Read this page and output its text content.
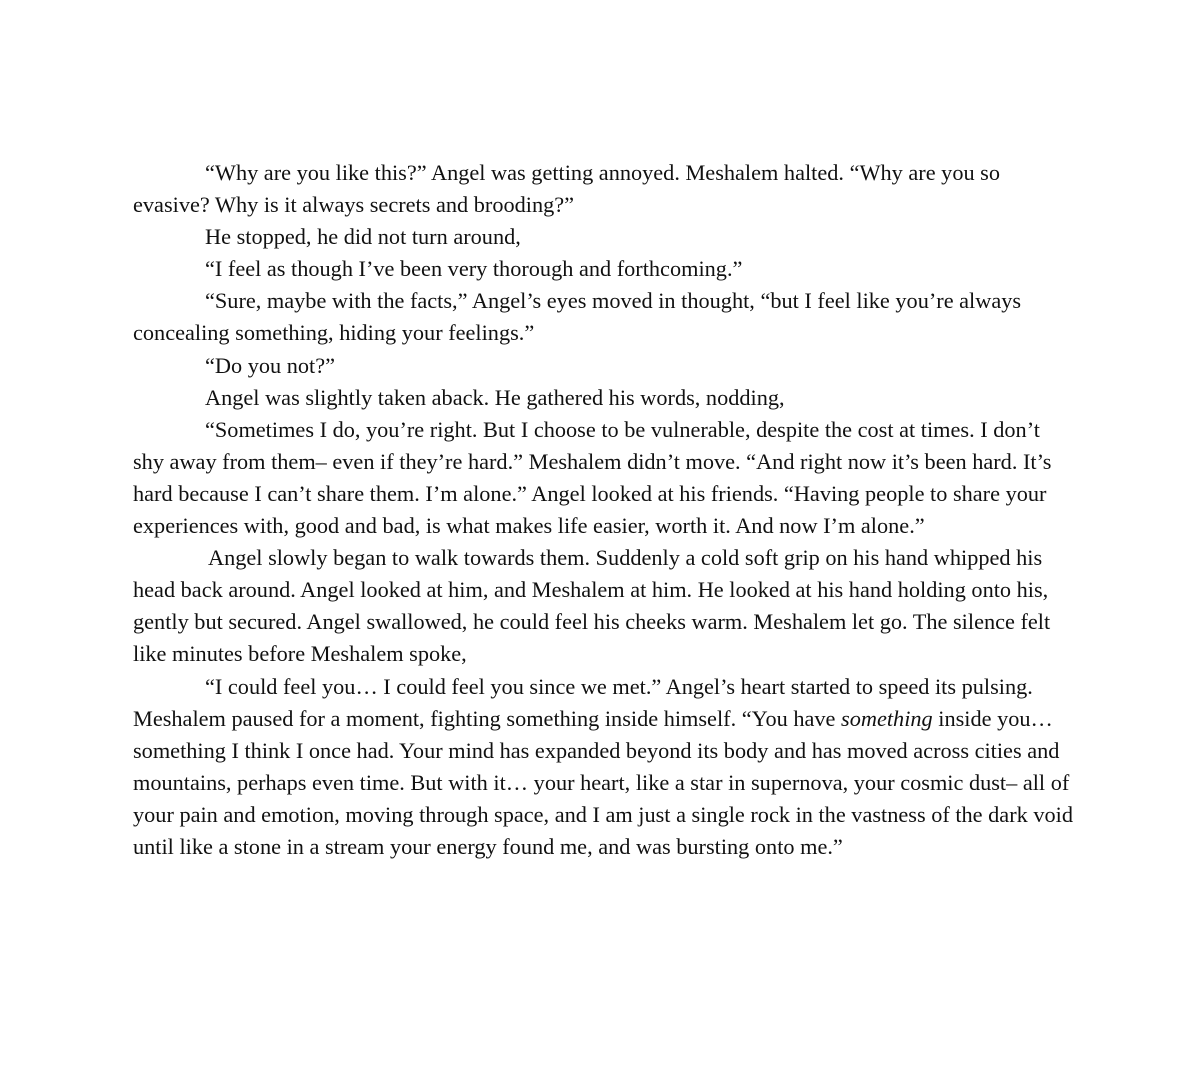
“Why are you like this?” Angel was getting annoyed. Meshalem halted. “Why are you so evasive? Why is it always secrets and brooding?”

He stopped, he did not turn around,

“I feel as though I’ve been very thorough and forthcoming.”

“Sure, maybe with the facts,” Angel’s eyes moved in thought, “but I feel like you’re always concealing something, hiding your feelings.”

“Do you not?”

Angel was slightly taken aback. He gathered his words, nodding,

“Sometimes I do, you’re right. But I choose to be vulnerable, despite the cost at times. I don’t shy away from them– even if they’re hard.” Meshalem didn’t move. “And right now it’s been hard. It’s hard because I can’t share them. I’m alone.” Angel looked at his friends. “Having people to share your experiences with, good and bad, is what makes life easier, worth it. And now I’m alone.”

Angel slowly began to walk towards them. Suddenly a cold soft grip on his hand whipped his head back around. Angel looked at him, and Meshalem at him. He looked at his hand holding onto his, gently but secured. Angel swallowed, he could feel his cheeks warm. Meshalem let go. The silence felt like minutes before Meshalem spoke,

“I could feel you… I could feel you since we met.” Angel’s heart started to speed its pulsing. Meshalem paused for a moment, fighting something inside himself. “You have something inside you… something I think I once had. Your mind has expanded beyond its body and has moved across cities and mountains, perhaps even time. But with it… your heart, like a star in supernova, your cosmic dust– all of your pain and emotion, moving through space, and I am just a single rock in the vastness of the dark void until like a stone in a stream your energy found me, and was bursting onto me.”
